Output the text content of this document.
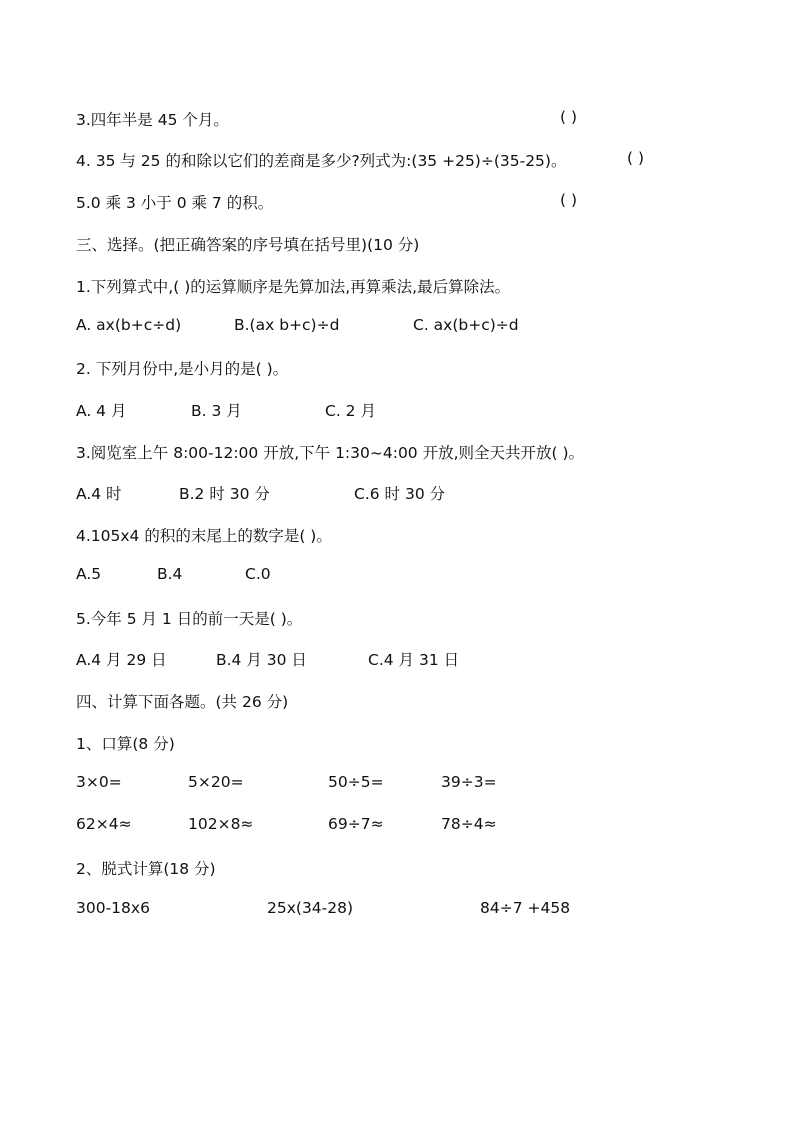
3.四年半是 45 个月。	( )
4. 35 与 25 的和除以它们的差商是多少?列式为:(35 +25)÷(35-25)。	( )
5.0 乘 3 小于 0 乘 7 的积。	( )
三、选择。(把正确答案的序号填在括号里)(10 分)
1.下列算式中,( )的运算顺序是先算加法,再算乘法,最后算除法。
A. ax(b+c÷d)	B.(ax b+c)÷d	C. ax(b+c)÷d
2. 下列月份中,是小月的是( )。
A. 4 月	B. 3 月	C. 2 月
3.阅览室上午 8:00-12:00 开放,下午 1:30~4:00 开放,则全天共开放( )。
A.4 时	B.2 时 30 分	C.6 时 30 分
4.105x4 的积的末尾上的数字是( )。
A.5	B.4	C.0
5.今年 5 月 1 日的前一天是( )。
A.4 月 29 日	B.4 月 30 日	C.4 月 31 日
四、计算下面各题。(共 26 分)
1、口算(8 分)
3×0=	5×20=	50÷5=	39÷3=
62×4≈	102×8≈	69÷7≈	78÷4≈
2、脱式计算(18 分)
300-18x6	25x(34-28)	84÷7 +458
